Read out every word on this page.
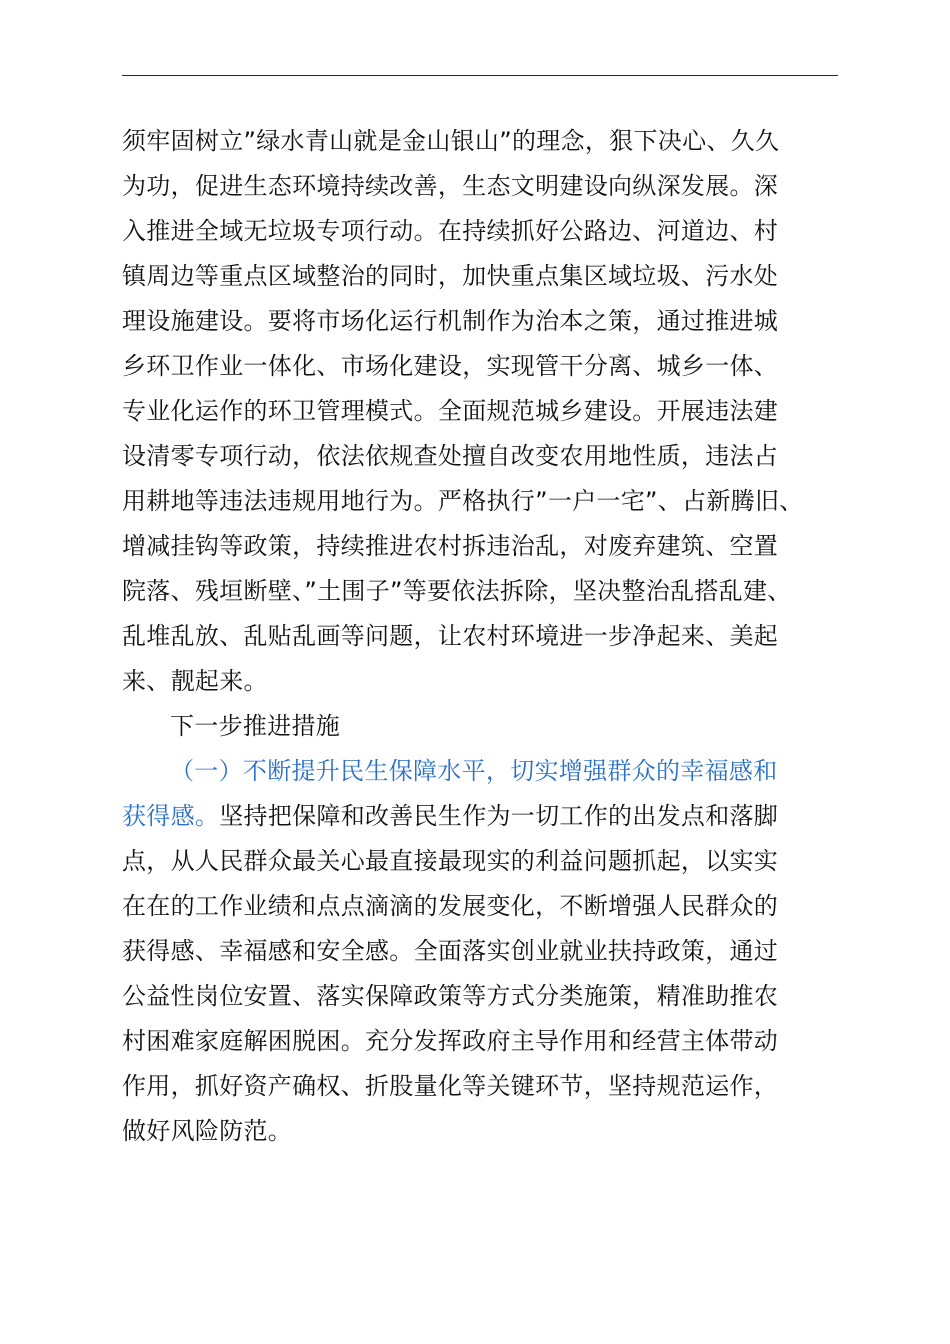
须牢固树立”绿水青山就是金山银山”的理念，狠下决心、久久
为功，促进生态环境持续改善，生态文明建设向纵深发展。深
入推进全域无垃圾专项行动。在持续抓好公路边、河道边、村
镇周边等重点区域整治的同时，加快重点集区域垃圾、污水处
理设施建设。要将市场化运行机制作为治本之策，通过推进城
乡环卫作业一体化、市场化建设，实现管干分离、城乡一体、
专业化运作的环卫管理模式。全面规范城乡建设。开展违法建
设清零专项行动，依法依规查处擅自改变农用地性质，违法占
用耕地等违法违规用地行为。严格执行”一户一宅”、占新腾旧、
增减挂钩等政策，持续推进农村拆违治乱，对废弃建筑、空置
院落、残垣断壁、”土围子”等要依法拆除，坚决整治乱搭乱建、
乱堆乱放、乱贴乱画等问题，让农村环境进一步净起来、美起
来、靓起来。
下一步推进措施
（一）不断提升民生保障水平，切实增强群众的幸福感和
获得感。坚持把保障和改善民生作为一切工作的出发点和落脚
点，从人民群众最关心最直接最现实的利益问题抓起，以实实
在在的工作业绩和点点滴滴的发展变化，不断增强人民群众的
获得感、幸福感和安全感。全面落实创业就业扶持政策，通过
公益性岗位安置、落实保障政策等方式分类施策，精准助推农
村困难家庭解困脱困。充分发挥政府主导作用和经营主体带动
作用，抓好资产确权、折股量化等关键环节，坚持规范运作，
做好风险防范。
